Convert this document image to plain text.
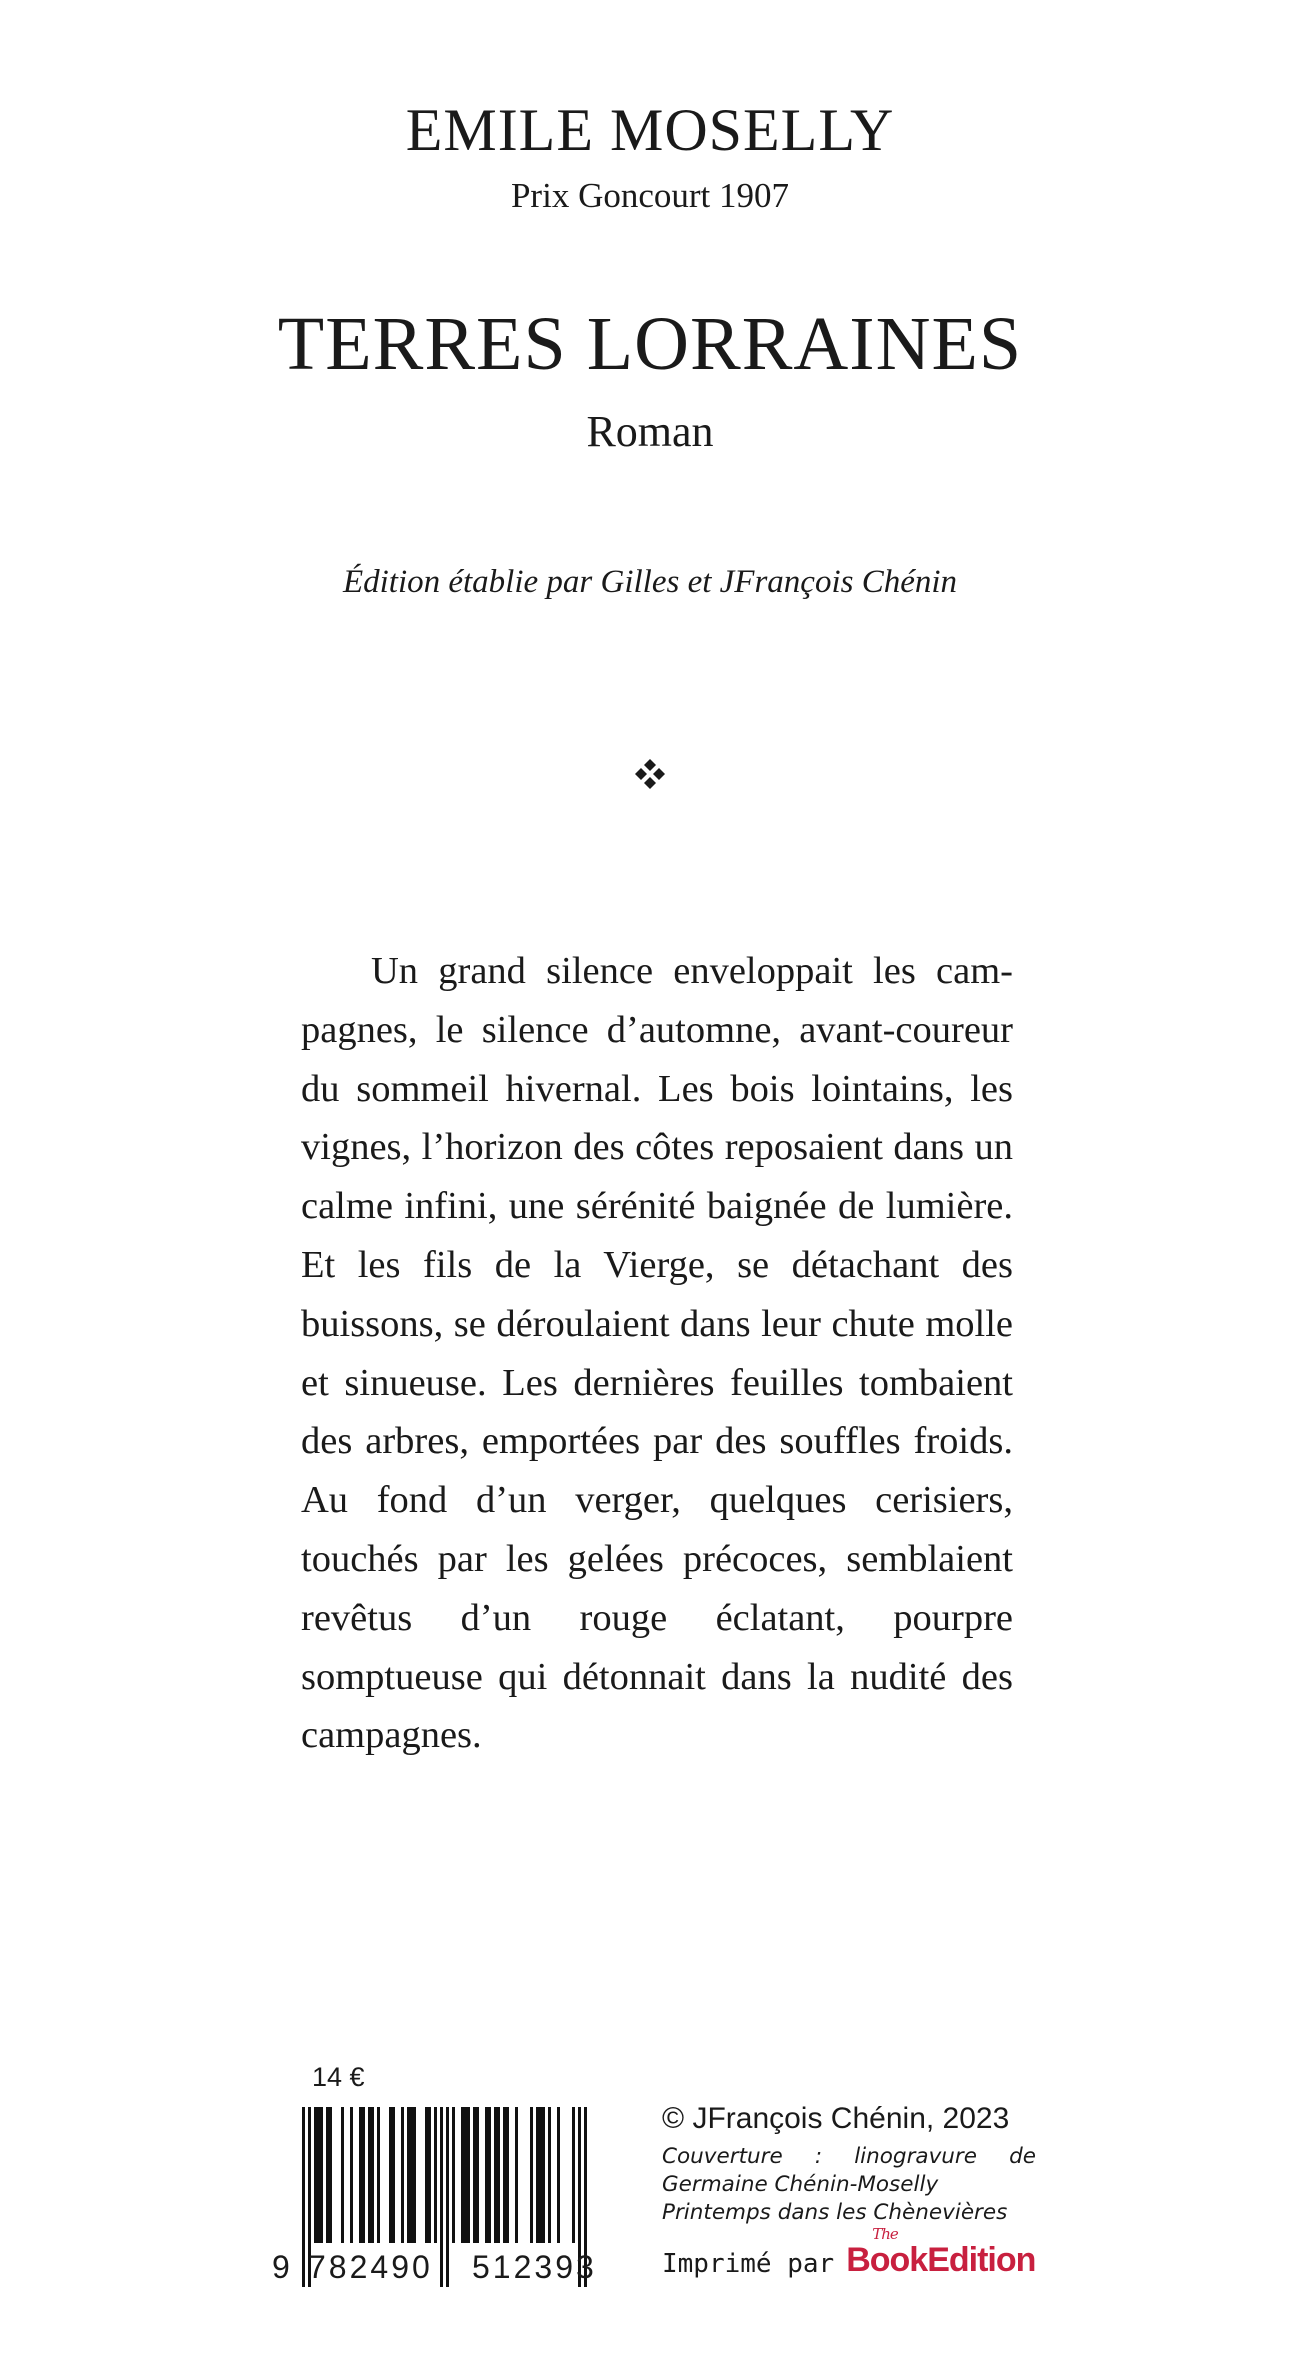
EMILE MOSELLY
Prix Goncourt 1907
TERRES LORRAINES
Roman
Édition établie par Gilles et JFrançois Chénin

Un grand silence enveloppait les campagnes, le silence d’automne, avant-coureur du sommeil hivernal. Les bois lointains, les vignes, l’horizon des côtes reposaient dans un calme infini, une sérénité baignée de lumière. Et les fils de la Vierge, se détachant des buissons, se déroulaient dans leur chute molle et sinueuse. Les dernières feuilles tombaient des arbres, emportées par des souffles froids. Au fond d’un verger, quelques cerisiers, touchés par les gelées précoces, semblaient revêtus d’un rouge éclatant, pourpre somptueuse qui détonnait dans la nudité des campagnes.

14 €
9 782490 512393
© JFrançois Chénin, 2023
Couverture : linogravure de
Germaine Chénin-Moselly
Printemps dans les Chènevières
Imprimé par
The
BookEdition
